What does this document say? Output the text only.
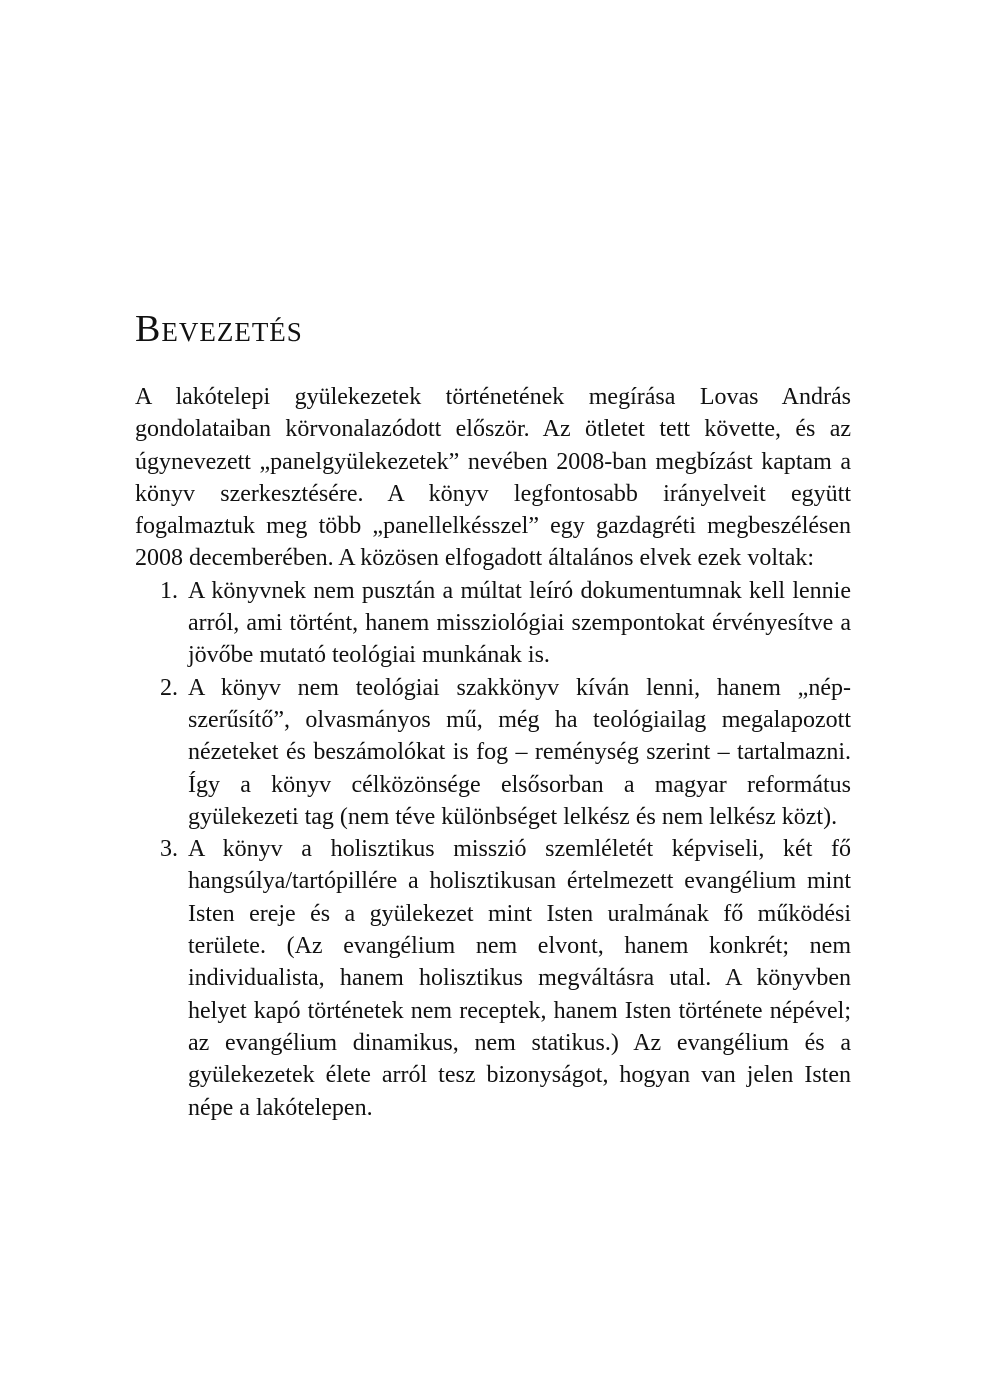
Bevezetés

A lakótelepi gyülekezetek történetének megírása Lovas András gondolataiban körvonalazódott először. Az ötletet tett követte, és az úgynevezett „panelgyülekezetek” nevében 2008-ban megbízást kaptam a könyv szerkesztésére. A könyv legfontosabb irányelveit együtt fogalmaztuk meg több „panellelkésszel” egy gazdagréti megbeszélésen 2008 decemberében. A közösen elfogadott általános elvek ezek voltak:

1. A könyvnek nem pusztán a múltat leíró dokumentumnak kell lennie arról, ami történt, hanem missziológiai szempontokat érvényesítve a jövőbe mutató teológiai munkának is.
2. A könyv nem teológiai szakkönyv kíván lenni, hanem „népszerűsítő”, olvasmányos mű, még ha teológiailag megalapozott nézeteket és beszámolókat is fog – reménység szerint – tartalmazni. Így a könyv célközönsége elsősorban a magyar református gyülekezeti tag (nem téve különbséget lelkész és nem lelkész közt).
3. A könyv a holisztikus misszió szemléletét képviseli, két fő hangsúlya/tartópillére a holisztikusan értelmezett evangélium mint Isten ereje és a gyülekezet mint Isten uralmának fő működési területe. (Az evangélium nem elvont, hanem konkrét; nem individualista, hanem holisztikus megváltásra utal. A könyvben helyet kapó történetek nem receptek, hanem Isten története népével; az evangélium dinamikus, nem statikus.) Az evangélium és a gyülekezetek élete arról tesz bizonyságot, hogyan van jelen Isten népe a lakótelepen.
